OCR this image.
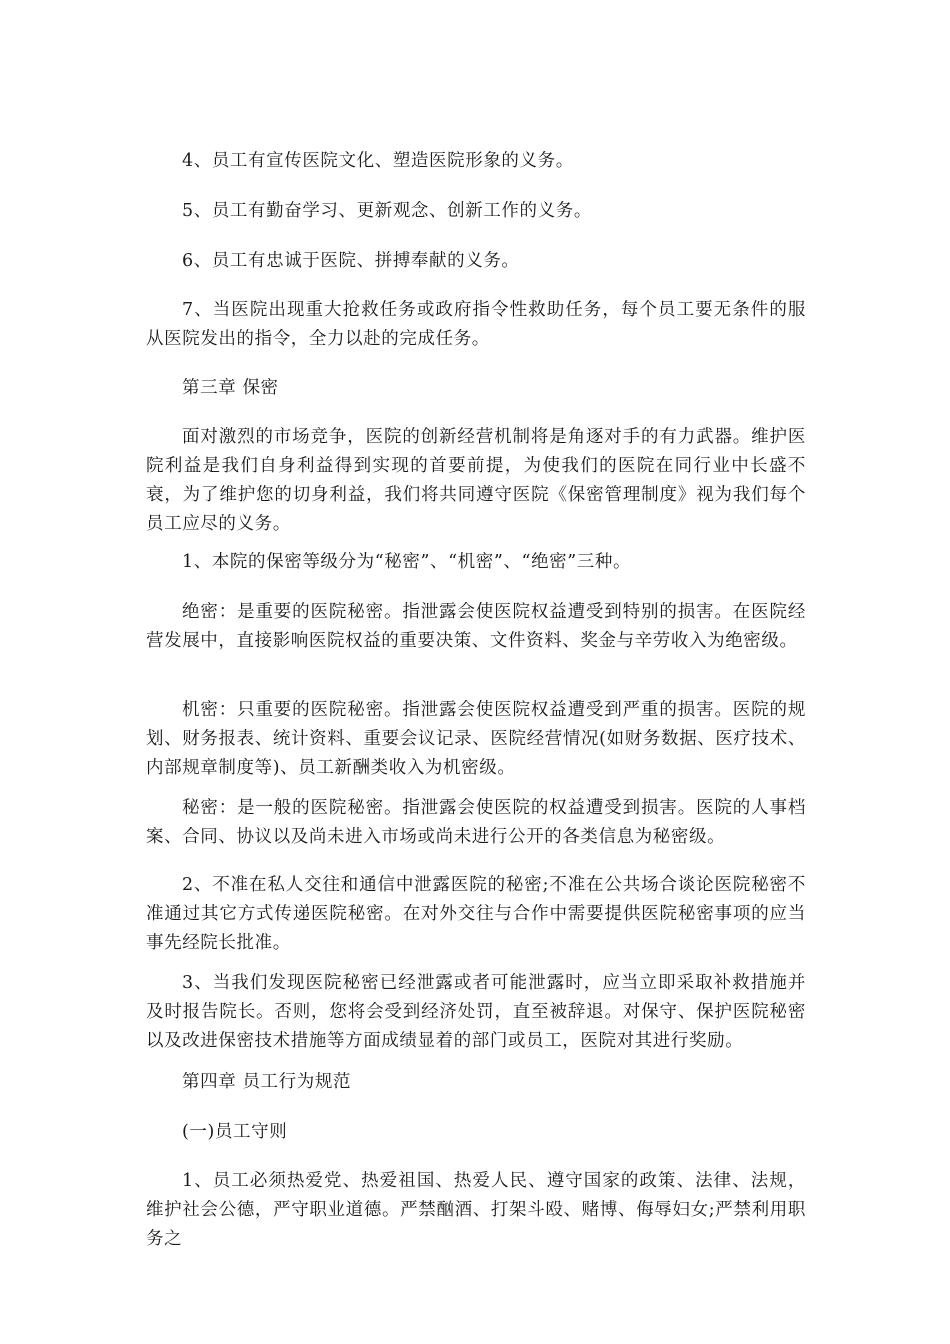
4、员工有宣传医院文化、塑造医院形象的义务。

5、员工有勤奋学习、更新观念、创新工作的义务。

6、员工有忠诚于医院、拼搏奉献的义务。

7、当医院出现重大抢救任务或政府指令性救助任务，每个员工要无条件的服从医院发出的指令，全力以赴的完成任务。

第三章 保密

面对激烈的市场竞争，医院的创新经营机制将是角逐对手的有力武器。维护医院利益是我们自身利益得到实现的首要前提，为使我们的医院在同行业中长盛不衰，为了维护您的切身利益，我们将共同遵守医院《保密管理制度》视为我们每个员工应尽的义务。

1、本院的保密等级分为“秘密”、“机密”、“绝密”三种。

绝密：是重要的医院秘密。指泄露会使医院权益遭受到特别的损害。在医院经营发展中，直接影响医院权益的重要决策、文件资料、奖金与辛劳收入为绝密级。

机密：只重要的医院秘密。指泄露会使医院权益遭受到严重的损害。医院的规划、财务报表、统计资料、重要会议记录、医院经营情况(如财务数据、医疗技术、内部规章制度等)、员工新酬类收入为机密级。

秘密：是一般的医院秘密。指泄露会使医院的权益遭受到损害。医院的人事档案、合同、协议以及尚未进入市场或尚未进行公开的各类信息为秘密级。

2、不准在私人交往和通信中泄露医院的秘密;不准在公共场合谈论医院秘密不准通过其它方式传递医院秘密。在对外交往与合作中需要提供医院秘密事项的应当事先经院长批准。

3、当我们发现医院秘密已经泄露或者可能泄露时，应当立即采取补救措施并及时报告院长。否则，您将会受到经济处罚，直至被辞退。对保守、保护医院秘密以及改进保密技术措施等方面成绩显着的部门或员工，医院对其进行奖励。

第四章 员工行为规范

(一)员工守则

1、员工必须热爱党、热爱祖国、热爱人民、遵守国家的政策、法律、法规，维护社会公德，严守职业道德。严禁酗酒、打架斗殴、赌博、侮辱妇女;严禁利用职务之
